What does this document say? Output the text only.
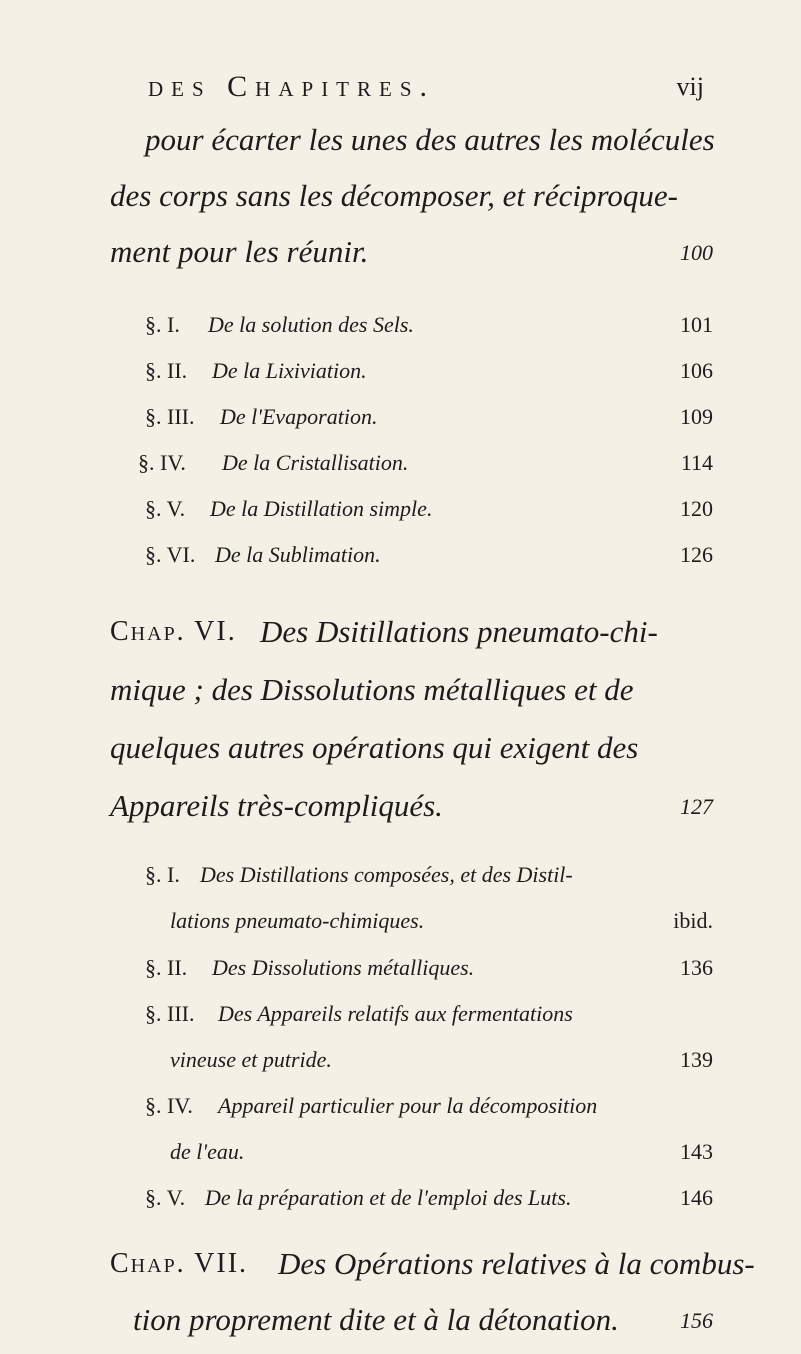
des Chapitres.	vij
pour écarter les unes des autres les molécules
des corps sans les décomposer, et réciproque-
ment pour les réunir.	100
§. I. De la solution des Sels.	101
§. II. De la Lixiviation.	106
§. III. De l'Evaporation.	109
§. IV. De la Cristallisation.	114
§. V. De la Distillation simple.	120
§. VI. De la Sublimation.	126
Chap. VI. Des Dsitillations pneumato-chi-
mique ; des Dissolutions métalliques et de
quelques autres opérations qui exigent des
Appareils très-compliqués.	127
§. I. Des Distillations composées, et des Distil-
lations pneumato-chimiques.	ibid.
§. II. Des Dissolutions métalliques.	136
§. III. Des Appareils relatifs aux fermentations
vineuse et putride.	139
§. IV. Appareil particulier pour la décomposition
de l'eau.	143
§. V. De la préparation et de l'emploi des Luts.	146
Chap. VII. Des Opérations relatives à la combus-
tion proprement dite et à la détonation.	156
